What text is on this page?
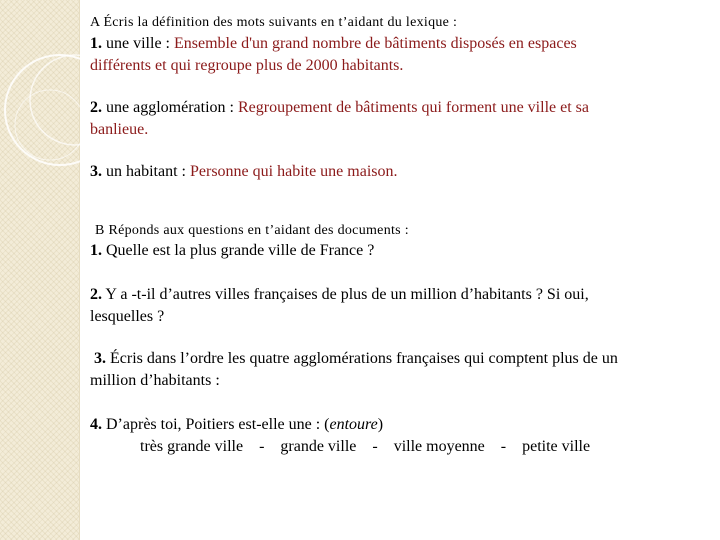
A Écris la définition des mots suivants en t’aidant du lexique :
1. une ville : Ensemble d'un grand nombre de bâtiments disposés en espaces
différents et qui regroupe plus de 2000 habitants.
2. une agglomération : Regroupement de bâtiments qui forment une ville et sa
banlieue.
3. un habitant : Personne qui habite une maison.
B Réponds aux questions en t’aidant des documents :
1. Quelle est la plus grande ville de France ?
2. Y a -t-il d’autres villes françaises de plus de un million d’habitants ? Si oui,
lesquelles ?
3. Écris dans l’ordre les quatre agglomérations françaises qui comptent plus de un
million d’habitants :
4. D’après toi, Poitiers est-elle une : (entoure)
très grande ville    -    grande ville    -    ville moyenne    -    petite ville
